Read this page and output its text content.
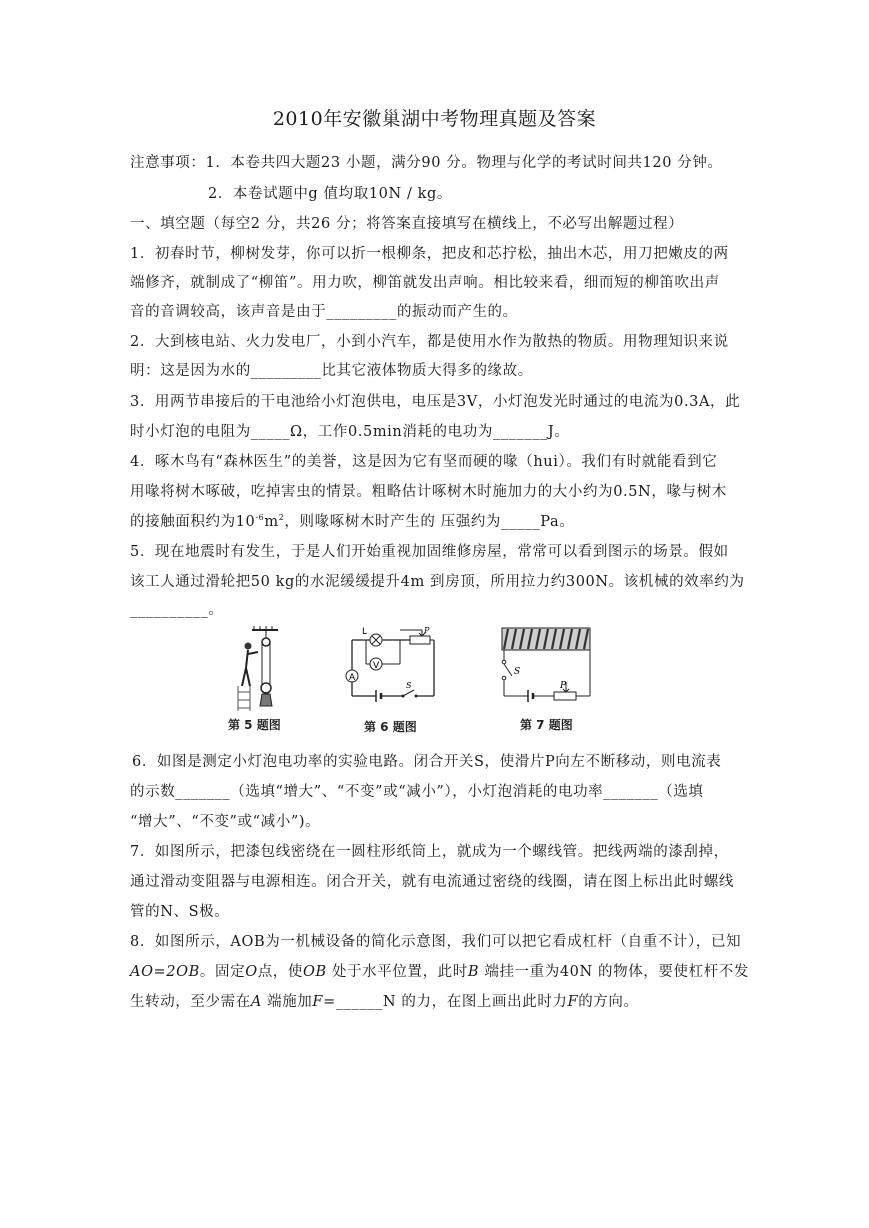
2010年安徽巢湖中考物理真题及答案
注意事项：1．本卷共四大题23 小题，满分90 分。物理与化学的考试时间共120 分钟。
2．本卷试题中g 值均取10N / kg。
一、填空题（每空2 分，共26 分；将答案直接填写在横线上，不必写出解题过程）
1．初春时节，柳树发芽，你可以折一根柳条，把皮和芯拧松，抽出木芯，用刀把嫩皮的两
端修齐，就制成了“柳笛”。用力吹，柳笛就发出声响。相比较来看，细而短的柳笛吹出声
音的音调较高，该声音是由于_________的振动而产生的。
2．大到核电站、火力发电厂，小到小汽车，都是使用水作为散热的物质。用物理知识来说
明：这是因为水的_________比其它液体物质大得多的缘故。
3．用两节串接后的干电池给小灯泡供电，电压是3V，小灯泡发光时通过的电流为0.3A，此
时小灯泡的电阻为_____Ω，工作0.5min消耗的电功为_______J。
4．啄木鸟有“森林医生”的美誉，这是因为它有坚而硬的喙（hui）。我们有时就能看到它
用喙将树木啄破，吃掉害虫的情景。粗略估计啄树木时施加力的大小约为0.5N，喙与树木
的接触面积约为$10^{-6}m^2$，则喙啄树木时产生的 压强约为_____Pa。
5．现在地震时有发生，于是人们开始重视加固维修房屋，常常可以看到图示的场景。假如
该工人通过滑轮把50 kg的水泥缓缓提升4m 到房顶，所用拉力约300N。该机械的效率约为
__________。
第 5 题图
V
A
L	P
S
第 6 题图
S
P
第 7 题图
6．如图是测定小灯泡电功率的实验电路。闭合开关S，使滑片P向左不断移动，则电流表
的示数_______（选填“增大”、“不变”或“减小”），小灯泡消耗的电功率_______（选填
“增大”、“不变”或“减小”)。
7．如图所示，把漆包线密绕在一圆柱形纸筒上，就成为一个螺线管。把线两端的漆刮掉，
通过滑动变阻器与电源相连。闭合开关，就有电流通过密绕的线圈，请在图上标出此时螺线
管的N、S极。
8．如图所示，AOB为一机械设备的简化示意图，我们可以把它看成杠杆（自重不计），已知
AO=2OB。固定O点，使OB 处于水平位置，此时B 端挂一重为40N 的物体，要使杠杆不发
生转动，至少需在A 端施加F=______N 的力，在图上画出此时力F的方向。
